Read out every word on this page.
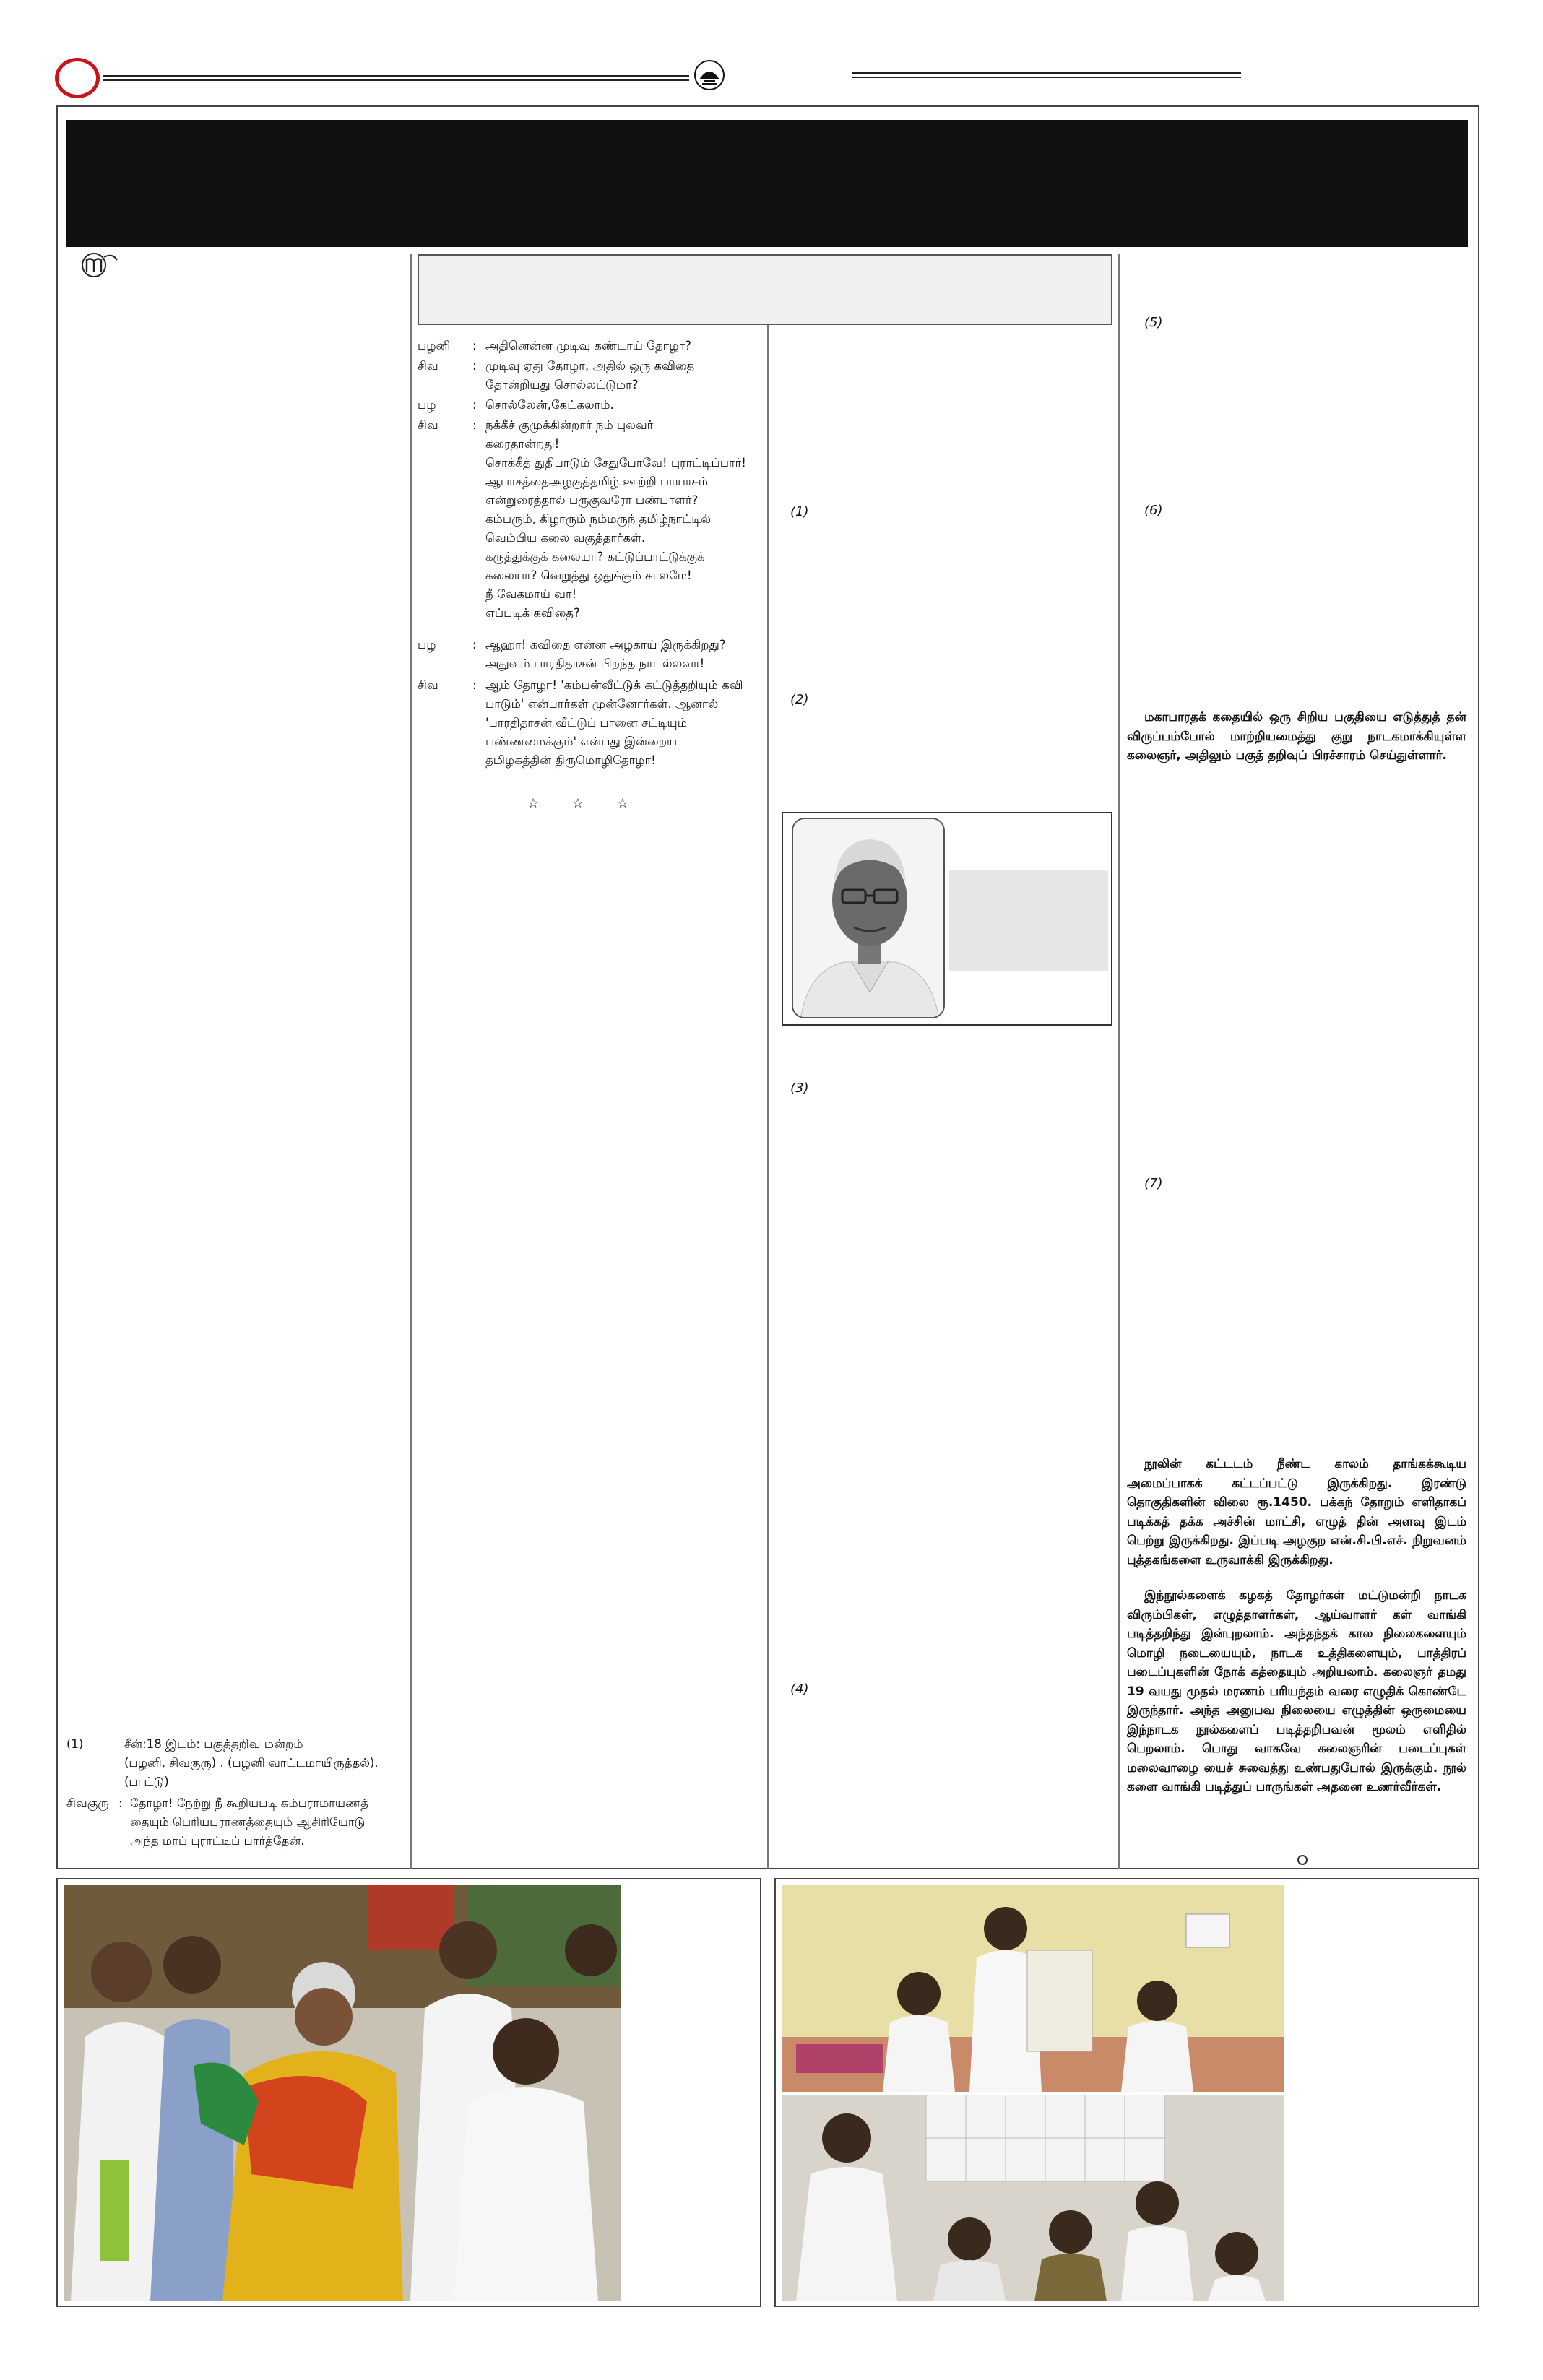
(1)	சீன்:18 இடம்: பகுத்தறிவு மன்றம்
(பழனி, சிவகுரு) . (பழனி வாட்டமாயிருத்தல்).
(பாட்டு)
சிவகுரு : தோழா! நேற்று நீ கூறியபடி கம்பராமாயணத்
தையும் பெரியபுராணத்தையும் ஆசிரியோடு
அந்த மாப் புராட்டிப் பார்த்தேன்.
பழனி	: அதினென்ன முடிவு கண்டாய் தோழா?
சிவ	: முடிவு ஏது தோழா, அதில் ஒரு கவிதை
தோன்றியது சொல்லட்டுமா?
பழ	: சொல்லேன்,கேட்கலாம்.
சிவ	: நக்கீச் குமுக்கின்றார் நம் புலவர்
கரைதான்றது!
சொக்கீத் துதிபாடும் சேதுபோவே! புராட்டிப்பார்!
ஆபாசத்தைஅழகுத்தமிழ் ஊற்றி பாயாசம்
என்றுரைத்தால் பருகுவரோ பண்பாளர்?
கம்பரும், கிழாரும் நம்மருந் தமிழ்நாட்டில்
வெம்பிய கலை வகுத்தார்கள்.
கருத்துக்குக் கலையா? கட்டுப்பாட்டுக்குக்
கலையா? வெறுத்து ஒதுக்கும் காலமே!
நீ வேகமாய் வா!
எப்படிக் கவிதை?
பழ	: ஆஹா! கவிதை என்ன அழகாய் இருக்கிறது?
அதுவும் பாரதிதாசன் பிறந்த நாடல்லவா!
சிவ	: ஆம் தோழா! 'கம்பன்வீட்டுக் கட்டுத்தறியும் கவி
பாடும்' என்பார்கள் முன்னோர்கள். ஆனால்
'பாரதிதாசன் வீட்டுப் பானை சட்டியும்
பண்ணமைக்கும்' என்பது இன்றைய
தமிழகத்தின் திருமொழிதோழா!
☆        ☆        ☆
(1)
(2)
(3)
(4)
(5)
(6)
மகாபாரதக் கதையில் ஒரு சிறிய பகுதியை எடுத்துத் தன் விருப்பம்போல் மாற்றியமைத்து குறு நாடகமாக்கியுள்ள கலைஞர், அதிலும் பகுத் தறிவுப் பிரச்சாரம் செய்துள்ளார்.
(7)
நூலின் கட்டடம் நீண்ட காலம் தாங்கக்கூடிய அமைப்பாகக் கட்டப்பட்டு இருக்கிறது. இரண்டு தொகுதிகளின் விலை ரூ.1450. பக்கந் தோறும் எளிதாகப் படிக்கத் தக்க அச்சின் மாட்சி, எழுத் தின் அளவு இடம் பெற்று இருக்கிறது. இப்படி அழகுற என்.சி.பி.எச். நிறுவனம் புத்தகங்களை உருவாக்கி இருக்கிறது.
இந்நூல்களைக் கழகத் தோழர்கள் மட்டுமன்றி நாடக விரும்பிகள், எழுத்தாளர்கள், ஆய்வாளர் கள் வாங்கி படித்தறிந்து இன்புறலாம். அந்தந்தக் கால நிலைகளையும் மொழி நடையையும், நாடக உத்திகளையும், பாத்திரப் படைப்புகளின் நோக் கத்தையும் அறியலாம். கலைஞர் தமது 19 வயது முதல் மரணம் பரியந்தம் வரை எழுதிக் கொண்டே இருந்தார். அந்த அனுபவ நிலையை எழுத்தின் ஒருமையை இந்நாடக நூல்களைப் படித்தறிபவன் மூலம் எளிதில் பெறலாம். பொது வாகவே கலைஞரின் படைப்புகள் மலைவாழை யைச் சுவைத்து உண்பதுபோல் இருக்கும். நூல் களை வாங்கி படித்துப் பாருங்கள் அதனை உணர்வீர்கள்.
